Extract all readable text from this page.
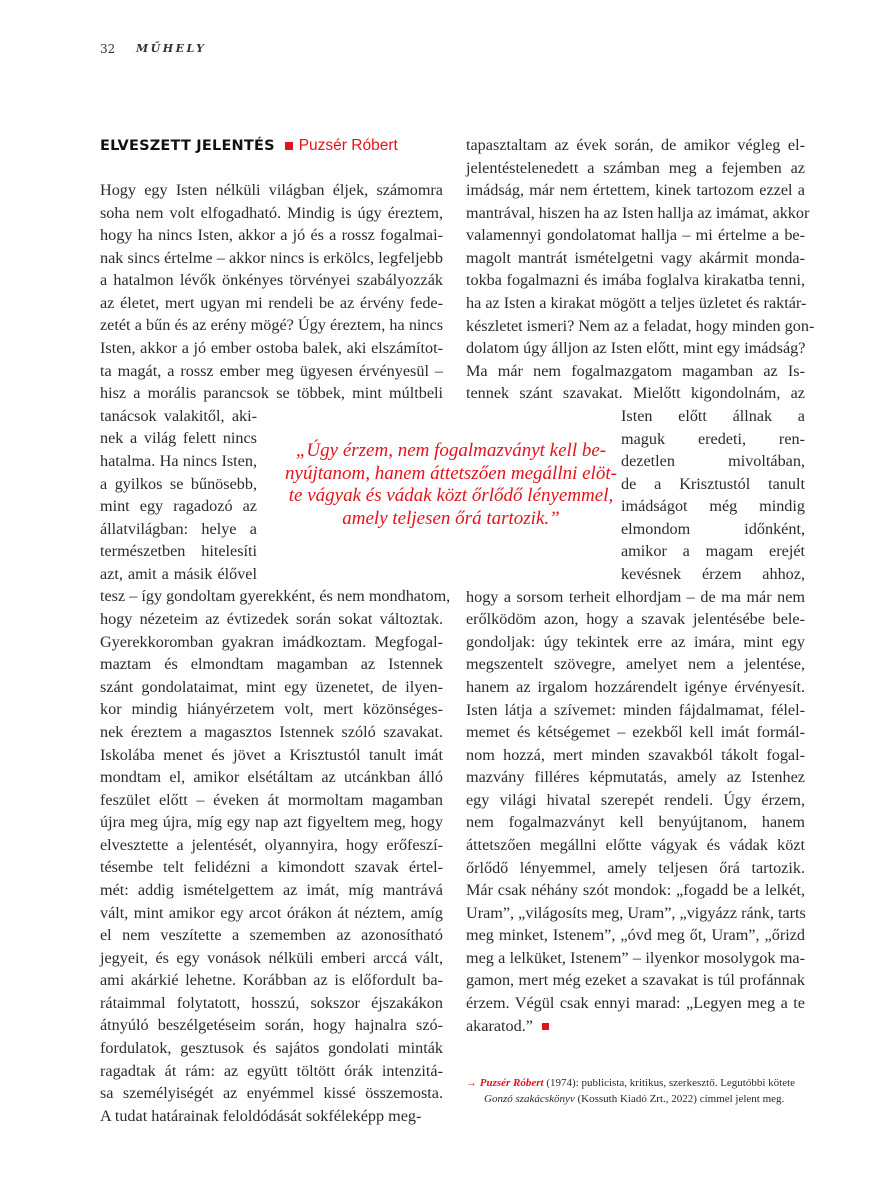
32 MŰHELY
ELVESZETT JELENTÉS Puzsér Róbert
Hogy egy Isten nélküli világban éljek, számomra
soha nem volt elfogadható. Mindig is úgy éreztem,
hogy ha nincs Isten, akkor a jó és a rossz fogalmai-
nak sincs értelme – akkor nincs is erkölcs, legfeljebb
a hatalmon lévők önkényes törvényei szabályozzák
az életet, mert ugyan mi rendeli be az érvény fede-
zetét a bűn és az erény mögé? Úgy éreztem, ha nincs
Isten, akkor a jó ember ostoba balek, aki elszámítot-
ta magát, a rossz ember meg ügyesen érvényesül –
hisz a morális parancsok se többek, mint múltbeli
tanácsok valakitől, aki-
nek a világ felett nincs
hatalma. Ha nincs Isten,
a gyilkos se bűnösebb,
mint egy ragadozó az
állatvilágban: helye a
természetben hitelesíti
azt, amit a másik élővel
tesz – így gondoltam gyerekként, és nem mondhatom,
hogy nézeteim az évtizedek során sokat változtak.
Gyerekkoromban gyakran imádkoztam. Megfogal-
maztam és elmondtam magamban az Istennek
szánt gondolataimat, mint egy üzenetet, de ilyen-
kor mindig hiányérzetem volt, mert közönséges-
nek éreztem a magasztos Istennek szóló szavakat.
Iskolába menet és jövet a Krisztustól tanult imát
mondtam el, amikor elsétáltam az utcánkban álló
feszület előtt – éveken át mormoltam magamban
újra meg újra, míg egy nap azt figyeltem meg, hogy
elvesztette a jelentését, olyannyira, hogy erőfeszí-
tésembe telt felidézni a kimondott szavak értel-
mét: addig ismételgettem az imát, míg mantrává
vált, mint amikor egy arcot órákon át néztem, amíg
el nem veszítette a szememben az azonosítható
jegyeit, és egy vonások nélküli emberi arccá vált,
ami akárkié lehetne. Korábban az is előfordult ba-
rátaimmal folytatott, hosszú, sokszor éjszakákon
átnyúló beszélgetéseim során, hogy hajnalra szó-
fordulatok, gesztusok és sajátos gondolati minták
ragadtak át rám: az együtt töltött órák intenzitá-
sa személyiségét az enyémmel kissé összemosta.
A tudat határainak feloldódását sokféleképp meg-
tapasztaltam az évek során, de amikor végleg el-
jelentéstelenedett a számban meg a fejemben az
imádság, már nem értettem, kinek tartozom ezzel a
mantrával, hiszen ha az Isten hallja az imámat, akkor
valamennyi gondolatomat hallja – mi értelme a be-
magolt mantrát ismételgetni vagy akármit monda-
tokba fogalmazni és imába foglalva kirakatba tenni,
ha az Isten a kirakat mögött a teljes üzletet és raktár-
készletet ismeri? Nem az a feladat, hogy minden gon-
dolatom úgy álljon az Isten előtt, mint egy imádság?
Ma már nem fogalmazgatom magamban az Is-
tennek szánt szavakat. Mielőtt kigondolnám, az
Isten előtt állnak a
maguk eredeti, ren-
dezetlen mivoltában,
de a Krisztustól tanult
imádságot még mindig
elmondom időnként,
amikor a magam erejét
kevésnek érzem ahhoz,
hogy a sorsom terheit elhordjam – de ma már nem
erőlködöm azon, hogy a szavak jelentésébe bele-
gondoljak: úgy tekintek erre az imára, mint egy
megszentelt szövegre, amelyet nem a jelentése,
hanem az irgalom hozzárendelt igénye érvényesít.
Isten látja a szívemet: minden fájdalmamat, félel-
memet és kétségemet – ezekből kell imát formál-
nom hozzá, mert minden szavakból tákolt fogal-
mazvány filléres képmutatás, amely az Istenhez
egy világi hivatal szerepét rendeli. Úgy érzem,
nem fogalmazványt kell benyújtanom, hanem
áttetszően megállni előtte vágyak és vádak közt
őrlődő lényemmel, amely teljesen őrá tartozik.
Már csak néhány szót mondok: „fogadd be a lelkét,
Uram”, „világosíts meg, Uram”, „vigyázz ránk, tarts
meg minket, Istenem”, „óvd meg őt, Uram”, „őrizd
meg a lelküket, Istenem” – ilyenkor mosolygok ma-
gamon, mert még ezeket a szavakat is túl profánnak
érzem. Végül csak ennyi marad: „Legyen meg a te
akaratod.”
„Úgy érzem, nem fogalmazványt kell be-
nyújtanom, hanem áttetszően megállni elöt-
te vágyak és vádak közt őrlődő lényemmel,
amely teljesen őrá tartozik.”
→ Puzsér Róbert (1974): publicista, kritikus, szerkesztő. Legutóbbi kötete
Gonzó szakácskönyv (Kossuth Kiadó Zrt., 2022) címmel jelent meg.
